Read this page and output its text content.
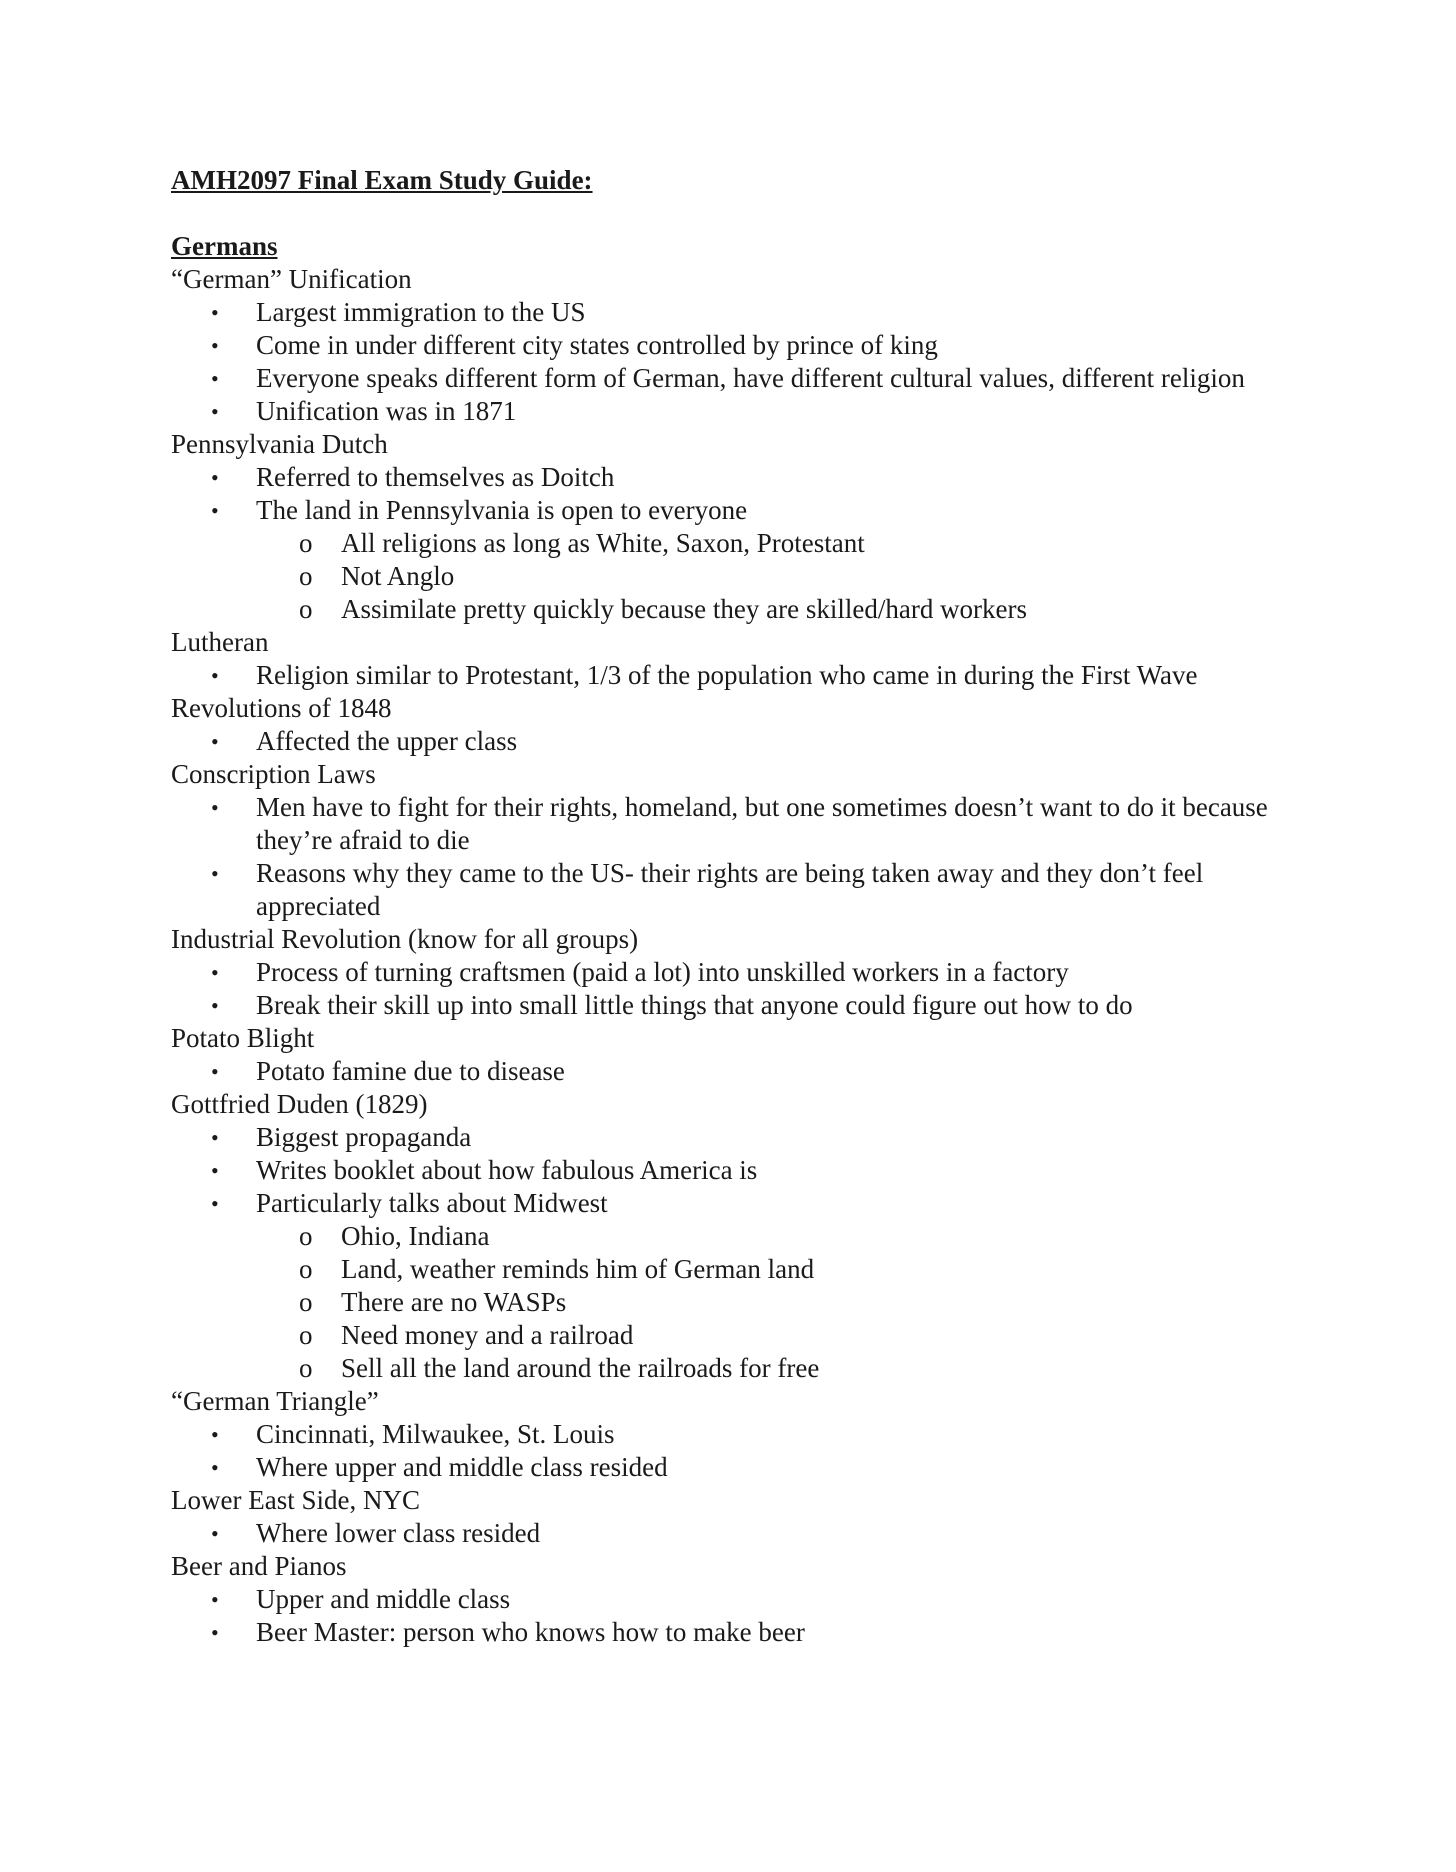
AMH2097 Final Exam Study Guide:
Germans
“German” Unification
•	Largest immigration to the US
•	Come in under different city states controlled by prince of king
•	Everyone speaks different form of German, have different cultural values, different religion
•	Unification was in 1871
Pennsylvania Dutch
•	Referred to themselves as Doitch
•	The land in Pennsylvania is open to everyone
o All religions as long as White, Saxon, Protestant
o Not Anglo
o Assimilate pretty quickly because they are skilled/hard workers
Lutheran
•	Religion similar to Protestant, 1/3 of the population who came in during the First Wave
Revolutions of 1848
•	Affected the upper class
Conscription Laws
•	Men have to fight for their rights, homeland, but one sometimes doesn’t want to do it because they’re afraid to die
•	Reasons why they came to the US- their rights are being taken away and they don’t feel appreciated
Industrial Revolution (know for all groups)
•	Process of turning craftsmen (paid a lot) into unskilled workers in a factory
•	Break their skill up into small little things that anyone could figure out how to do
Potato Blight
•	Potato famine due to disease
Gottfried Duden (1829)
•	Biggest propaganda
•	Writes booklet about how fabulous America is
•	Particularly talks about Midwest
o Ohio, Indiana
o Land, weather reminds him of German land
o There are no WASPs
o Need money and a railroad
o Sell all the land around the railroads for free
“German Triangle”
•	Cincinnati, Milwaukee, St. Louis
•	Where upper and middle class resided
Lower East Side, NYC
•	Where lower class resided
Beer and Pianos
•	Upper and middle class
•	Beer Master: person who knows how to make beer
